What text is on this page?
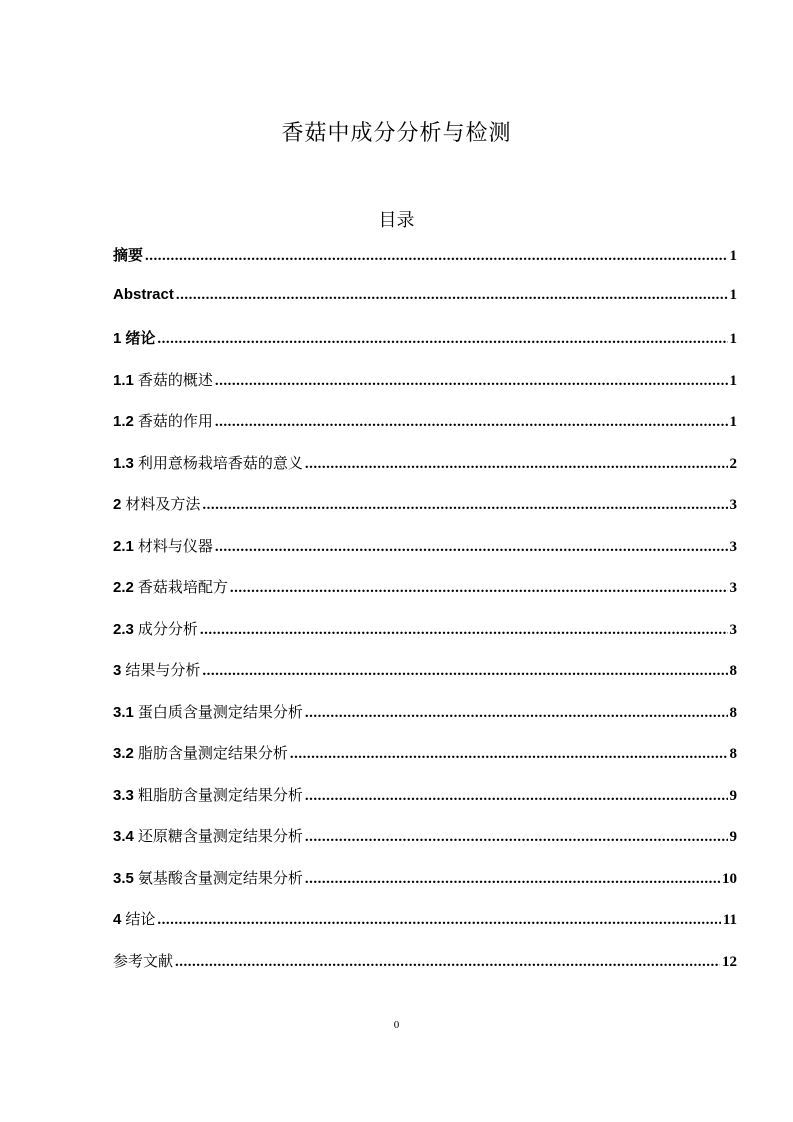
香菇中成分分析与检测
目录
摘要 .....	1
Abstract .....	1
1 绪论 .....	1
1.1 香菇的概述 .....	1
1.2 香菇的作用 .....	1
1.3 利用意杨栽培香菇的意义 .....	2
2 材料及方法 .....	3
2.1 材料与仪器 .....	3
2.2 香菇栽培配方 .....	3
2.3 成分分析 .....	3
3 结果与分析 .....	8
3.1 蛋白质含量测定结果分析 .....	8
3.2 脂肪含量测定结果分析 .....	8
3.3 粗脂肪含量测定结果分析 .....	9
3.4 还原糖含量测定结果分析 .....	9
3.5 氨基酸含量测定结果分析 .....	10
4 结论 .....	11
参考文献 .....	12
0
